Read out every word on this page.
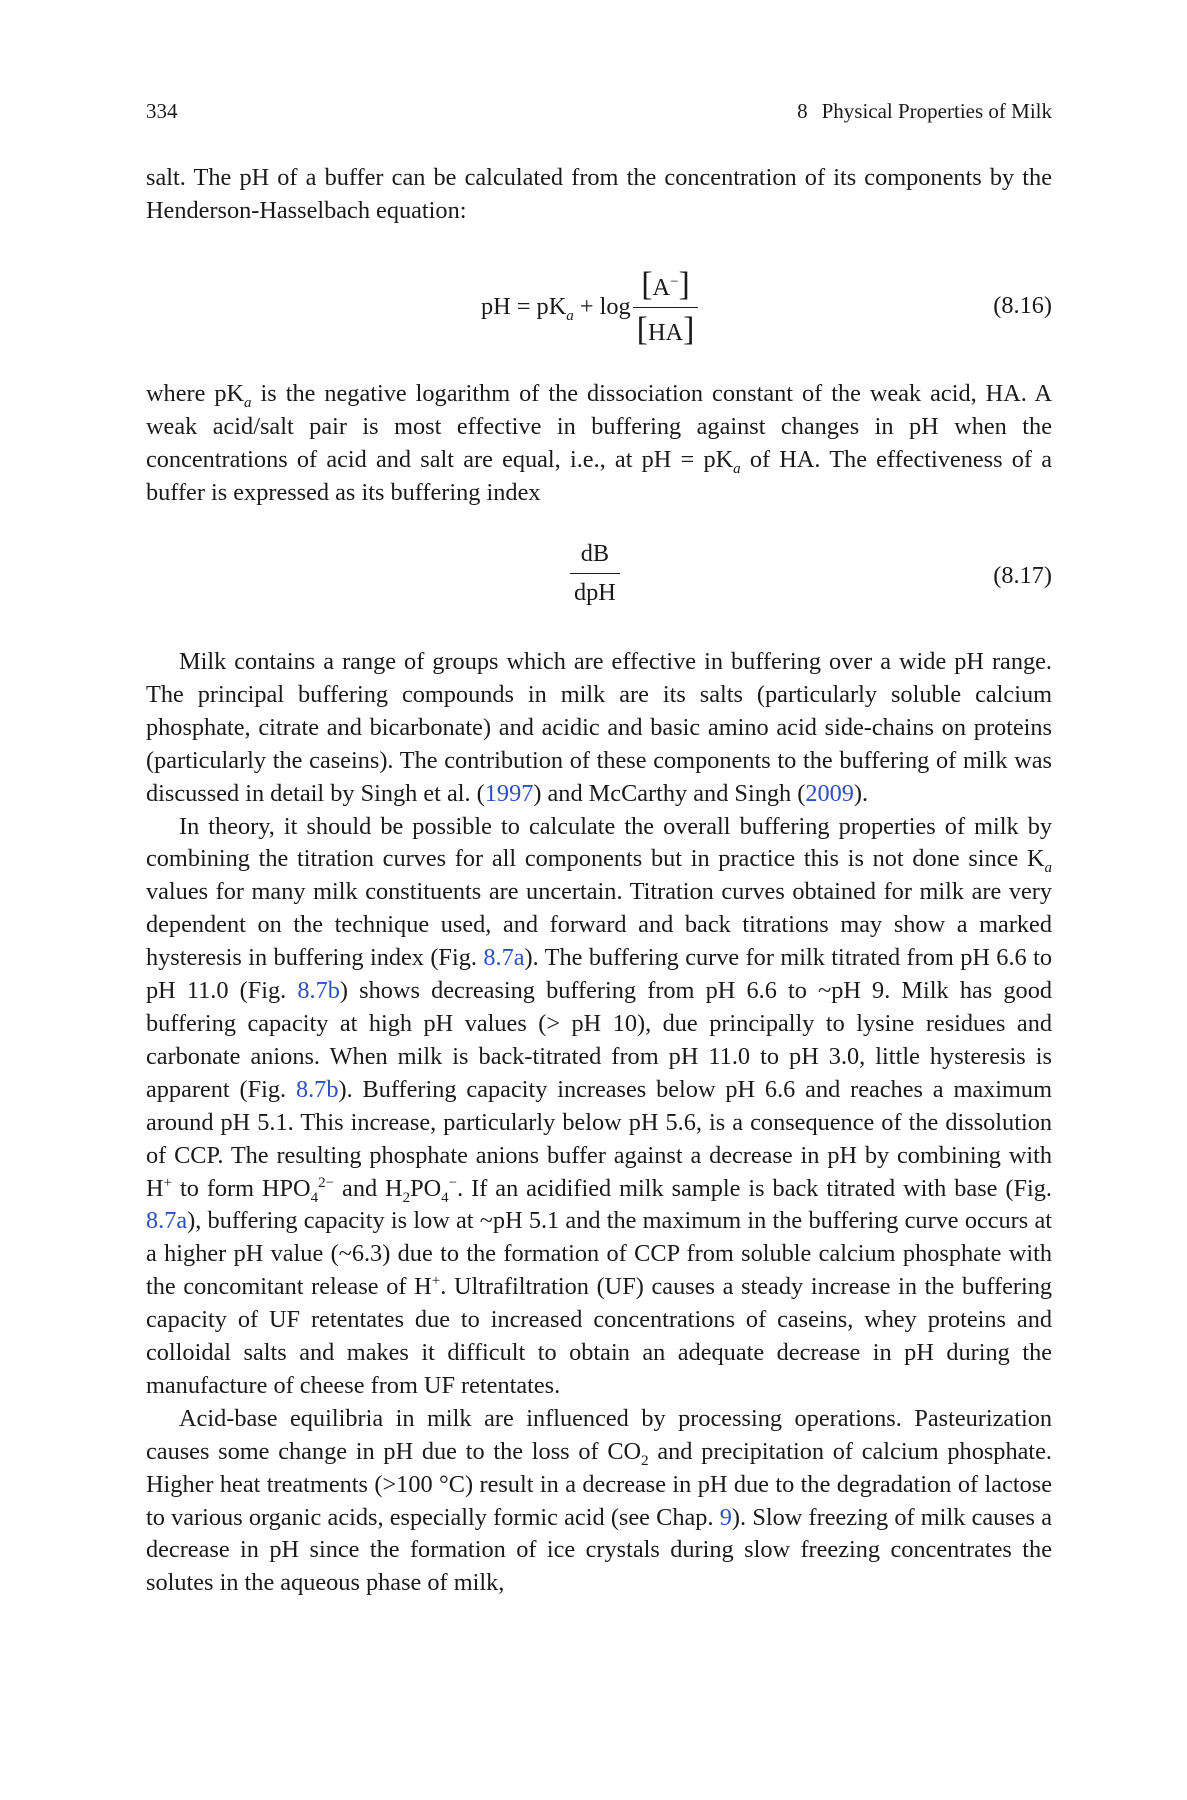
334	8 Physical Properties of Milk

salt. The pH of a buffer can be calculated from the concentration of its components by the Henderson-Hasselbach equation:

pH = $pK_a + \log \frac{[A^-]}{[HA]}$	(8.16)

where $pK_a$ is the negative logarithm of the dissociation constant of the weak acid, HA. A weak acid/salt pair is most effective in buffering against changes in pH when the concentrations of acid and salt are equal, i.e., at pH = $pK_a$ of HA. The effectiveness of a buffer is expressed as its buffering index

$\frac{dB}{\text{dpH}}$	(8.17)

Milk contains a range of groups which are effective in buffering over a wide pH range. The principal buffering compounds in milk are its salts (particularly soluble calcium phosphate, citrate and bicarbonate) and acidic and basic amino acid side-chains on proteins (particularly the caseins). The contribution of these components to the buffering of milk was discussed in detail by Singh et al. (1997) and McCarthy and Singh (2009).

In theory, it should be possible to calculate the overall buffering properties of milk by combining the titration curves for all components but in practice this is not done since $K_a$ values for many milk constituents are uncertain. Titration curves obtained for milk are very dependent on the technique used, and forward and back titrations may show a marked hysteresis in buffering index (Fig. 8.7a). The buffering curve for milk titrated from pH 6.6 to pH 11.0 (Fig. 8.7b) shows decreasing buffering from pH 6.6 to ~pH 9. Milk has good buffering capacity at high pH values (> pH 10), due principally to lysine residues and carbonate anions. When milk is back-titrated from pH 11.0 to pH 3.0, little hysteresis is apparent (Fig. 8.7b). Buffering capacity increases below pH 6.6 and reaches a maximum around pH 5.1. This increase, particularly below pH 5.6, is a consequence of the dissolution of CCP. The resulting phosphate anions buffer against a decrease in pH by combining with H+ to form $HPO_4^{2-}$ and $H_2PO_4^-$. If an acidified milk sample is back titrated with base (Fig. 8.7a), buffering capacity is low at ~pH 5.1 and the maximum in the buffering curve occurs at a higher pH value (~6.3) due to the formation of CCP from soluble calcium phosphate with the concomitant release of H+. Ultrafiltration (UF) causes a steady increase in the buffering capacity of UF retentates due to increased concentrations of caseins, whey proteins and colloidal salts and makes it difficult to obtain an adequate decrease in pH during the manufacture of cheese from UF retentates.

Acid-base equilibria in milk are influenced by processing operations. Pasteurization causes some change in pH due to the loss of $CO_2$ and precipitation of calcium phosphate. Higher heat treatments (>100 °C) result in a decrease in pH due to the degradation of lactose to various organic acids, especially formic acid (see Chap. 9). Slow freezing of milk causes a decrease in pH since the formation of ice crystals during slow freezing concentrates the solutes in the aqueous phase of milk,
